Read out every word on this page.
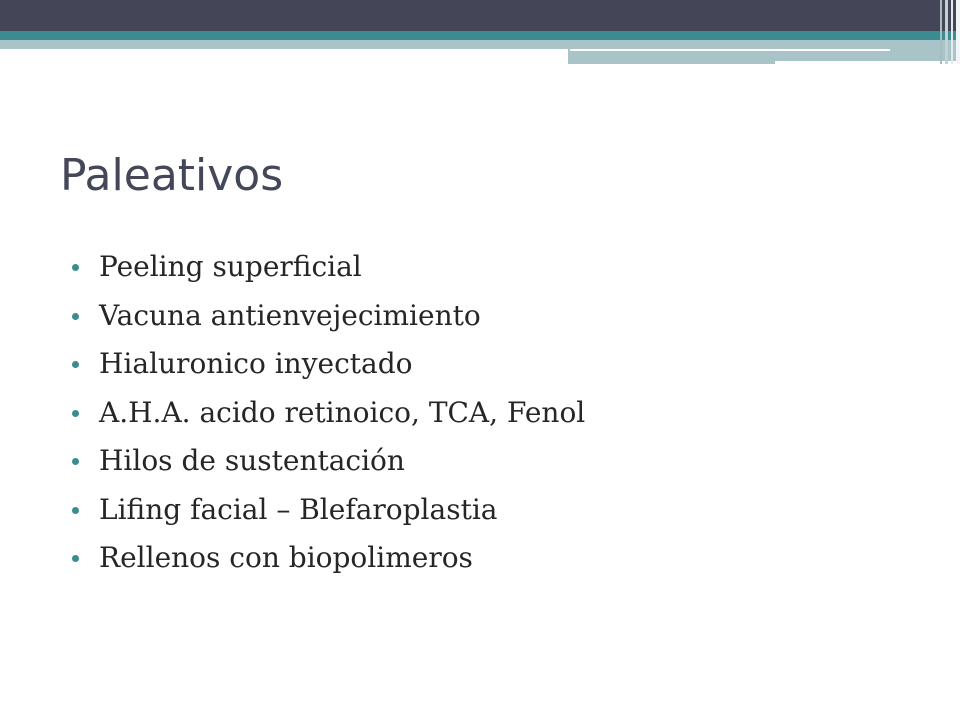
Paleativos
Peeling superficial
Vacuna antienvejecimiento
Hialuronico inyectado
A.H.A. acido retinoico, TCA, Fenol
Hilos de sustentación
Lifing facial – Blefaroplastia
Rellenos con biopolimeros
